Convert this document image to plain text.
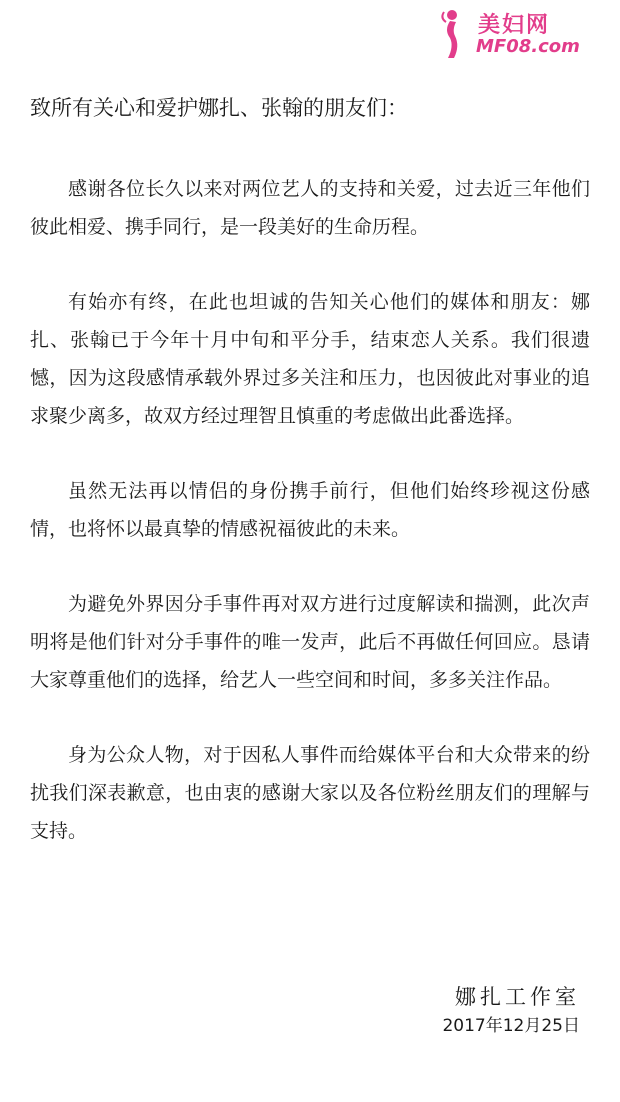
美妇网
MF08.com
致所有关心和爱护娜扎、张翰的朋友们：

感谢各位长久以来对两位艺人的支持和关爱，过去近三年他们彼此相爱、携手同行，是一段美好的生命历程。

有始亦有终，在此也坦诚的告知关心他们的媒体和朋友：娜扎、张翰已于今年十月中旬和平分手，结束恋人关系。我们很遗憾，因为这段感情承载外界过多关注和压力，也因彼此对事业的追求聚少离多，故双方经过理智且慎重的考虑做出此番选择。

虽然无法再以情侣的身份携手前行，但他们始终珍视这份感情，也将怀以最真挚的情感祝福彼此的未来。

为避免外界因分手事件再对双方进行过度解读和揣测，此次声明将是他们针对分手事件的唯一发声，此后不再做任何回应。恳请大家尊重他们的选择，给艺人一些空间和时间，多多关注作品。

身为公众人物，对于因私人事件而给媒体平台和大众带来的纷扰我们深表歉意，也由衷的感谢大家以及各位粉丝朋友们的理解与支持。

娜扎工作室
2017年12月25日
